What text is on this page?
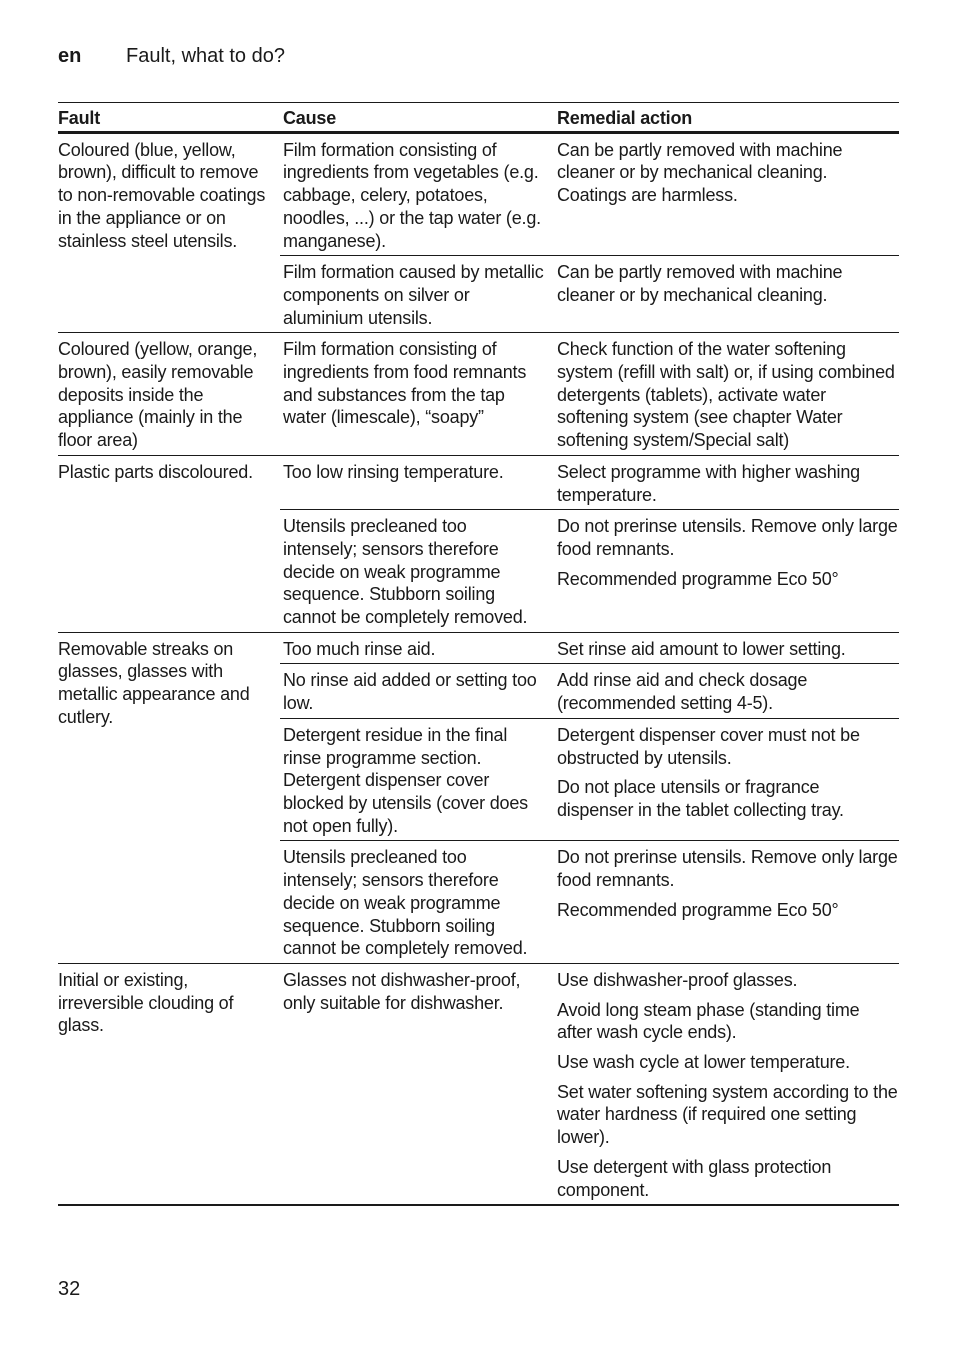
en Fault, what to do?
Fault	Cause	Remedial action
Coloured (blue, yellow, brown), difficult to remove to non-removable coatings in the appliance or on stainless steel utensils.	Film formation consisting of ingredients from vegetables (e.g. cabbage, celery, potatoes, noodles, ...) or the tap water (e.g. manganese).	Can be partly removed with machine cleaner or by mechanical cleaning. Coatings are harmless.

	Film formation caused by metallic components on silver or aluminium utensils.	Can be partly removed with machine cleaner or by mechanical cleaning.

Coloured (yellow, orange, brown), easily removable deposits inside the appliance (mainly in the floor area)	Film formation consisting of ingredients from food remnants and substances from the tap water (limescale), “soapy”	Check function of the water softening system (refill with salt) or, if using combined detergents (tablets), activate water softening system (see chapter Water softening system/Special salt)

Plastic parts discoloured.	Too low rinsing temperature.	Select programme with higher washing temperature.

	Utensils precleaned too intensely; sensors therefore decide on weak programme sequence. Stubborn soiling cannot be completely removed.	Do not prerinse utensils. Remove only large food remnants.
Recommended programme Eco 50°

Removable streaks on glasses, glasses with metallic appearance and cutlery.	Too much rinse aid.	Set rinse aid amount to lower setting.

	No rinse aid added or setting too low.	Add rinse aid and check dosage (recommended setting 4-5).

	Detergent residue in the final rinse programme section. Detergent dispenser cover blocked by utensils (cover does not open fully).	Detergent dispenser cover must not be obstructed by utensils.
Do not place utensils or fragrance dispenser in the tablet collecting tray.

	Utensils precleaned too intensely; sensors therefore decide on weak programme sequence. Stubborn soiling cannot be completely removed.	Do not prerinse utensils. Remove only large food remnants.
Recommended programme Eco 50°

Initial or existing, irreversible clouding of glass.	Glasses not dishwasher-proof, only suitable for dishwasher.	Use dishwasher-proof glasses.
Avoid long steam phase (standing time after wash cycle ends).
Use wash cycle at lower temperature.
Set water softening system according to the water hardness (if required one setting lower).
Use detergent with glass protection component.
32
